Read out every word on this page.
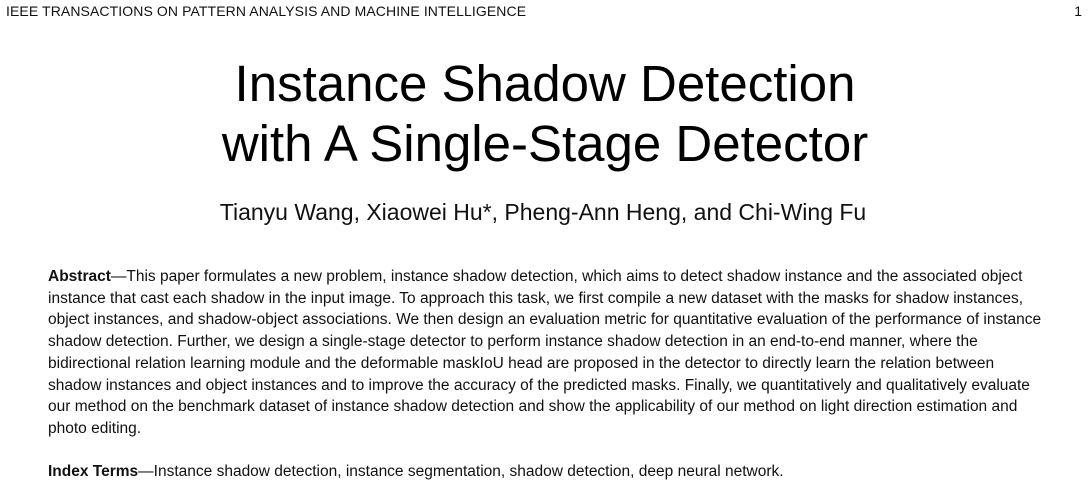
IEEE TRANSACTIONS ON PATTERN ANALYSIS AND MACHINE INTELLIGENCE	1
Instance Shadow Detection
with A Single-Stage Detector
Tianyu Wang, Xiaowei Hu*, Pheng-Ann Heng, and Chi-Wing Fu

Abstract—This paper formulates a new problem, instance shadow detection, which aims to detect shadow instance and the associated object instance that cast each shadow in the input image. To approach this task, we first compile a new dataset with the masks for shadow instances, object instances, and shadow-object associations. We then design an evaluation metric for quantitative evaluation of the performance of instance shadow detection. Further, we design a single-stage detector to perform instance shadow detection in an end-to-end manner, where the bidirectional relation learning module and the deformable maskIoU head are proposed in the detector to directly learn the relation between shadow instances and object instances and to improve the accuracy of the predicted masks. Finally, we quantitatively and qualitatively evaluate our method on the benchmark dataset of instance shadow detection and show the applicability of our method on light direction estimation and photo editing.

Index Terms—Instance shadow detection, instance segmentation, shadow detection, deep neural network.
